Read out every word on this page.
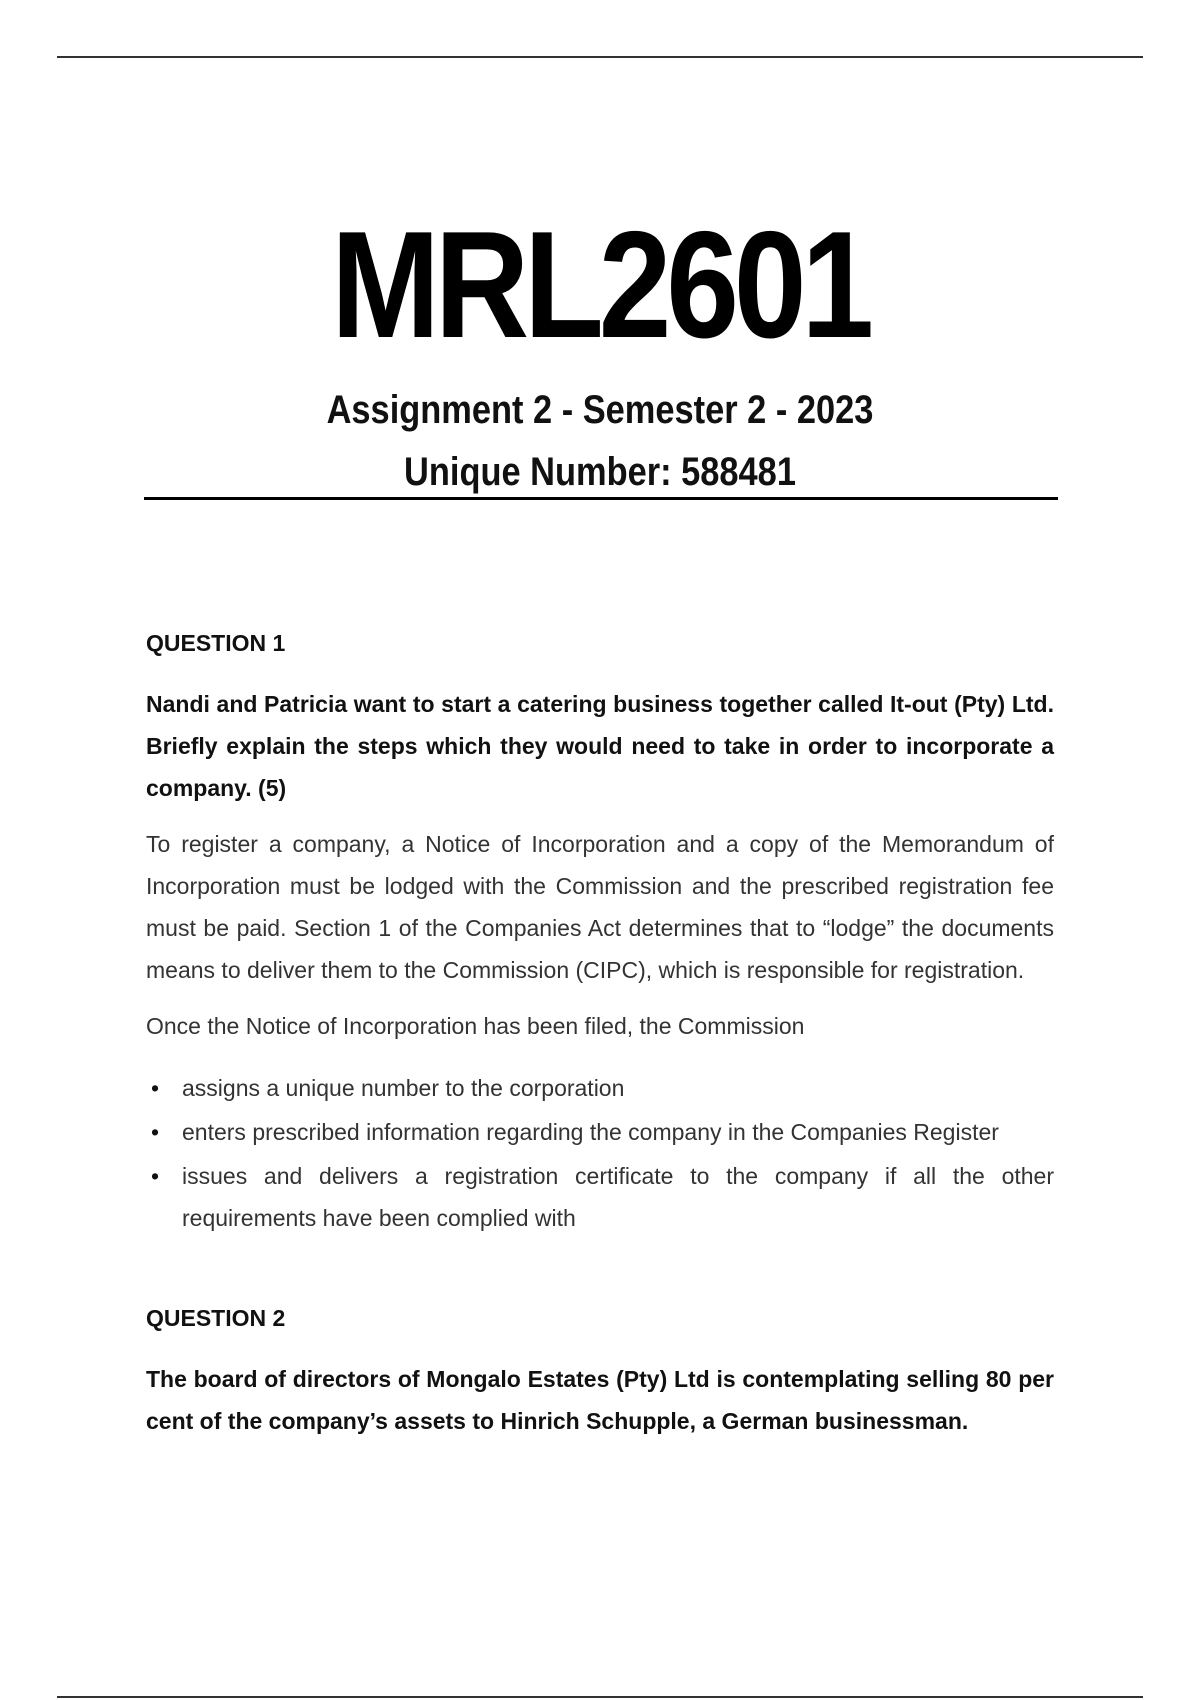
MRL2601
Assignment 2 - Semester 2 - 2023
Unique Number: 588481
QUESTION 1

Nandi and Patricia want to start a catering business together called It-out (Pty) Ltd. Briefly explain the steps which they would need to take in order to incorporate a company. (5)

To register a company, a Notice of Incorporation and a copy of the Memorandum of Incorporation must be lodged with the Commission and the prescribed registration fee must be paid. Section 1 of the Companies Act determines that to “lodge” the documents means to deliver them to the Commission (CIPC), which is responsible for registration.

Once the Notice of Incorporation has been filed, the Commission

• assigns a unique number to the corporation
• enters prescribed information regarding the company in the Companies Register
• issues and delivers a registration certificate to the company if all the other requirements have been complied with
QUESTION 2

The board of directors of Mongalo Estates (Pty) Ltd is contemplating selling 80 per cent of the company’s assets to Hinrich Schupple, a German businessman.
